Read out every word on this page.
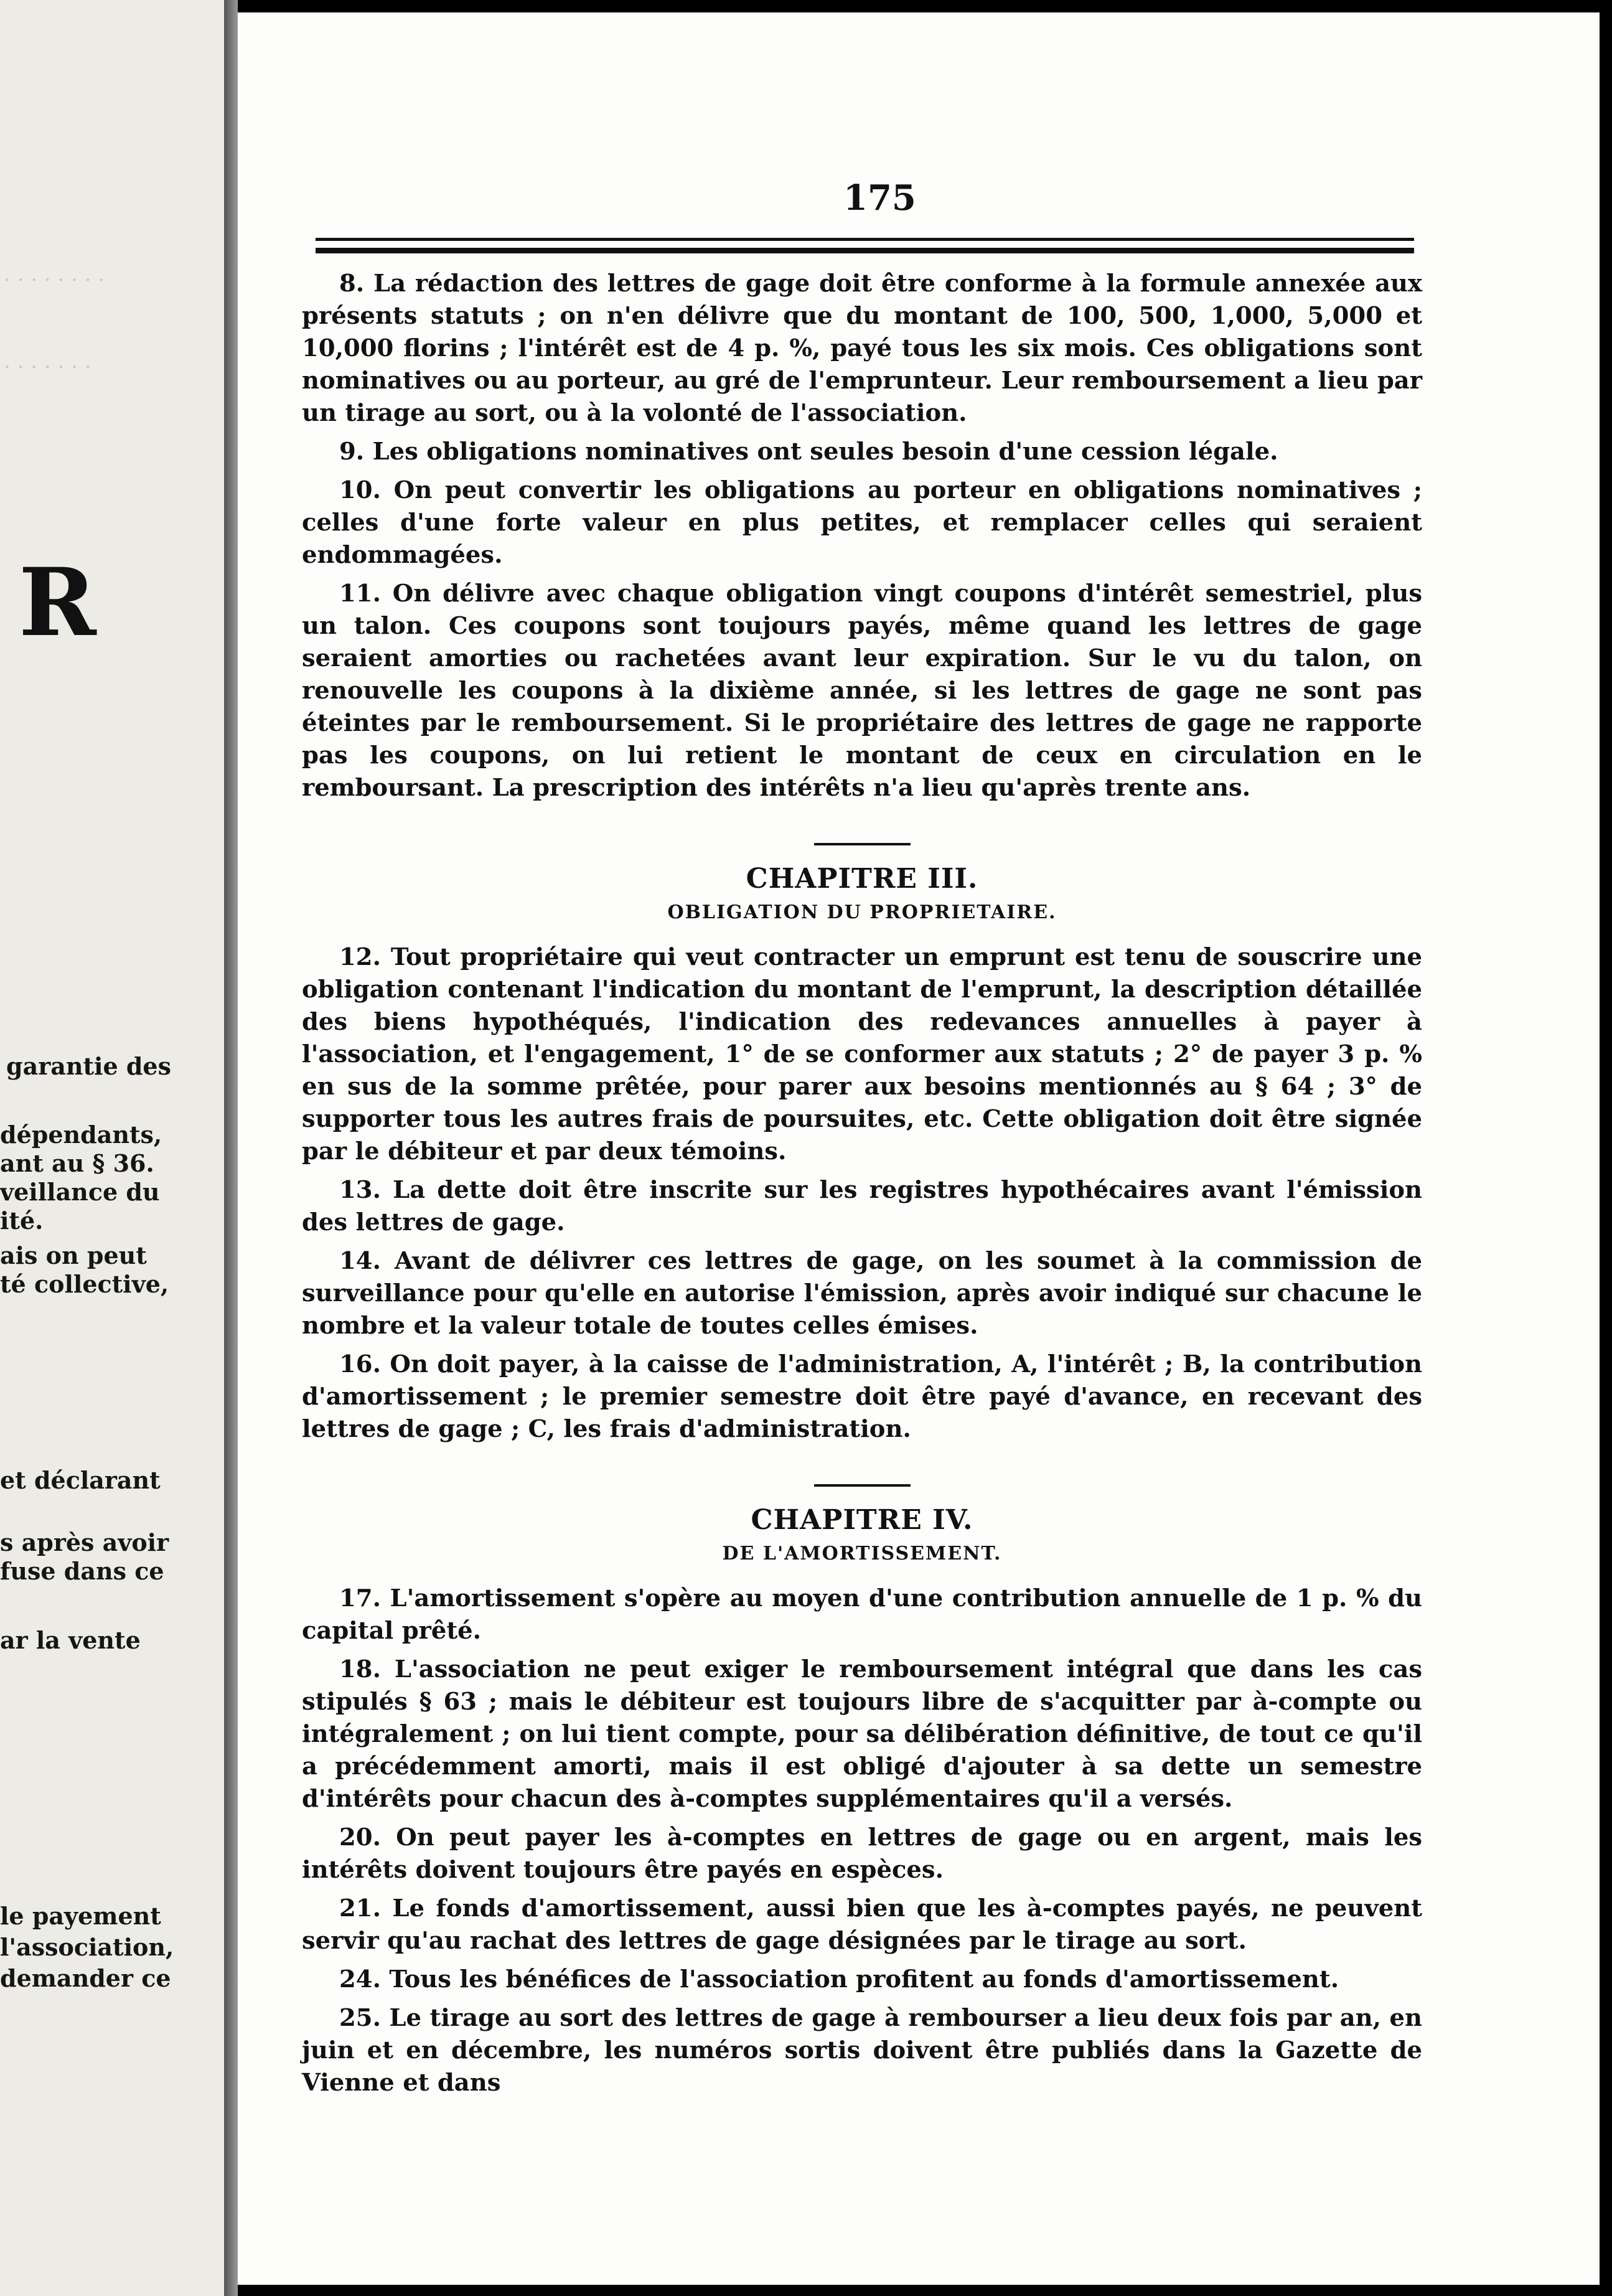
. . . . . . . .
. . . . . . .
R
garantie des
dépendants,
ant au § 36.
veillance du
ité.
ais on peut
té collective,
et déclarant
s après avoir
fuse dans ce
ar la vente
le payement
l'association,
demander ce
175

8. La rédaction des lettres de gage doit être conforme à la formule annexée aux présents statuts ; on n'en délivre que du montant de 100, 500, 1,000, 5,000 et 10,000 florins ; l'intérêt est de 4 p. %, payé tous les six mois. Ces obligations sont nominatives ou au porteur, au gré de l'emprunteur. Leur remboursement a lieu par un tirage au sort, ou à la volonté de l'association.

9. Les obligations nominatives ont seules besoin d'une cession légale.

10. On peut convertir les obligations au porteur en obligations nominatives ; celles d'une forte valeur en plus petites, et remplacer celles qui seraient endommagées.

11. On délivre avec chaque obligation vingt coupons d'intérêt semestriel, plus un talon. Ces coupons sont toujours payés, même quand les lettres de gage seraient amorties ou rachetées avant leur expiration. Sur le vu du talon, on renouvelle les coupons à la dixième année, si les lettres de gage ne sont pas éteintes par le remboursement. Si le propriétaire des lettres de gage ne rapporte pas les coupons, on lui retient le montant de ceux en circulation en le remboursant. La prescription des intérêts n'a lieu qu'après trente ans.

CHAPITRE III.

OBLIGATION DU PROPRIETAIRE.

12. Tout propriétaire qui veut contracter un emprunt est tenu de souscrire une obligation contenant l'indication du montant de l'emprunt, la description détaillée des biens hypothéqués, l'indication des redevances annuelles à payer à l'association, et l'engagement, 1° de se conformer aux statuts ; 2° de payer 3 p. % en sus de la somme prêtée, pour parer aux besoins mentionnés au § 64 ; 3° de supporter tous les autres frais de poursuites, etc. Cette obligation doit être signée par le débiteur et par deux témoins.

13. La dette doit être inscrite sur les registres hypothécaires avant l'émission des lettres de gage.

14. Avant de délivrer ces lettres de gage, on les soumet à la commission de surveillance pour qu'elle en autorise l'émission, après avoir indiqué sur chacune le nombre et la valeur totale de toutes celles émises.

16. On doit payer, à la caisse de l'administration, A, l'intérêt ; B, la contribution d'amortissement ; le premier semestre doit être payé d'avance, en recevant des lettres de gage ; C, les frais d'administration.

CHAPITRE IV.

DE L'AMORTISSEMENT.

17. L'amortissement s'opère au moyen d'une contribution annuelle de 1 p. % du capital prêté.

18. L'association ne peut exiger le remboursement intégral que dans les cas stipulés § 63 ; mais le débiteur est toujours libre de s'acquitter par à-compte ou intégralement ; on lui tient compte, pour sa délibération définitive, de tout ce qu'il a précédemment amorti, mais il est obligé d'ajouter à sa dette un semestre d'intérêts pour chacun des à-comptes supplémentaires qu'il a versés.

20. On peut payer les à-comptes en lettres de gage ou en argent, mais les intérêts doivent toujours être payés en espèces.

21. Le fonds d'amortissement, aussi bien que les à-comptes payés, ne peuvent servir qu'au rachat des lettres de gage désignées par le tirage au sort.

24. Tous les bénéfices de l'association profitent au fonds d'amortissement.

25. Le tirage au sort des lettres de gage à rembourser a lieu deux fois par an, en juin et en décembre, les numéros sortis doivent être publiés dans la Gazette de Vienne et dans
